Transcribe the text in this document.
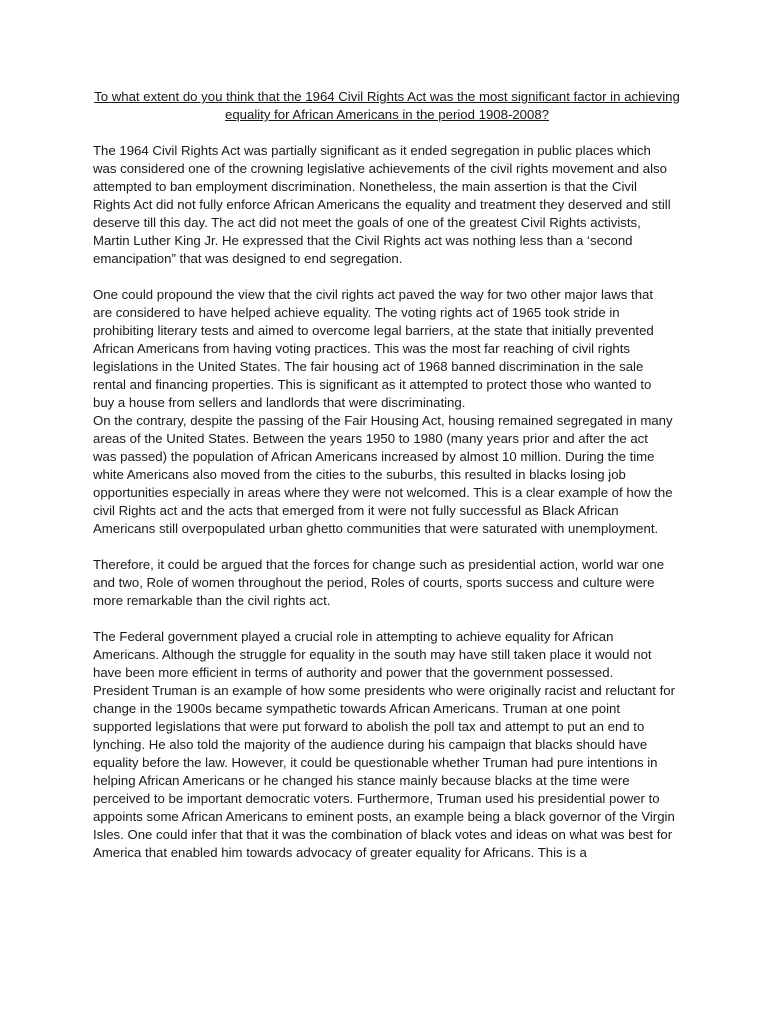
To what extent do you think that the 1964 Civil Rights Act was the most significant factor in achieving equality for African Americans in the period 1908-2008?

The 1964 Civil Rights Act was partially significant as it ended segregation in public places which was considered one of the crowning legislative achievements of the civil rights movement and also attempted to ban employment discrimination. Nonetheless, the main assertion is that the Civil Rights Act did not fully enforce African Americans the equality and treatment they deserved and still deserve till this day. The act did not meet the goals of one of the greatest Civil Rights activists, Martin Luther King Jr. He expressed that the Civil Rights act was nothing less than a ‘second emancipation” that was designed to end segregation.

One could propound the view that the civil rights act paved the way for two other major laws that are considered to have helped achieve equality. The voting rights act of 1965 took stride in prohibiting literary tests and aimed to overcome legal barriers, at the state that initially prevented African Americans from having voting practices. This was the most far reaching of civil rights legislations in the United States. The fair housing act of 1968 banned discrimination in the sale rental and financing properties. This is significant as it attempted to protect those who wanted to buy a house from sellers and landlords that were discriminating.

On the contrary, despite the passing of the Fair Housing Act, housing remained segregated in many areas of the United States. Between the years 1950 to 1980 (many years prior and after the act was passed) the population of African Americans increased by almost 10 million. During the time white Americans also moved from the cities to the suburbs, this resulted in blacks losing job opportunities especially in areas where they were not welcomed. This is a clear example of how the civil Rights act and the acts that emerged from it were not fully successful as Black African Americans still overpopulated urban ghetto communities that were saturated with unemployment.

Therefore, it could be argued that the forces for change such as presidential action, world war one and two, Role of women throughout the period, Roles of courts, sports success and culture were more remarkable than the civil rights act.

The Federal government played a crucial role in attempting to achieve equality for African Americans. Although the struggle for equality in the south may have still taken place it would not have been more efficient in terms of authority and power that the government possessed.

President Truman is an example of how some presidents who were originally racist and reluctant for change in the 1900s became sympathetic towards African Americans. Truman at one point supported legislations that were put forward to abolish the poll tax and attempt to put an end to lynching. He also told the majority of the audience during his campaign that blacks should have equality before the law. However, it could be questionable whether Truman had pure intentions in helping African Americans or he changed his stance mainly because blacks at the time were perceived to be important democratic voters. Furthermore, Truman used his presidential power to appoints some African Americans to eminent posts, an example being a black governor of the Virgin Isles. One could infer that that it was the combination of black votes and ideas on what was best for America that enabled him towards advocacy of greater equality for Africans. This is a
